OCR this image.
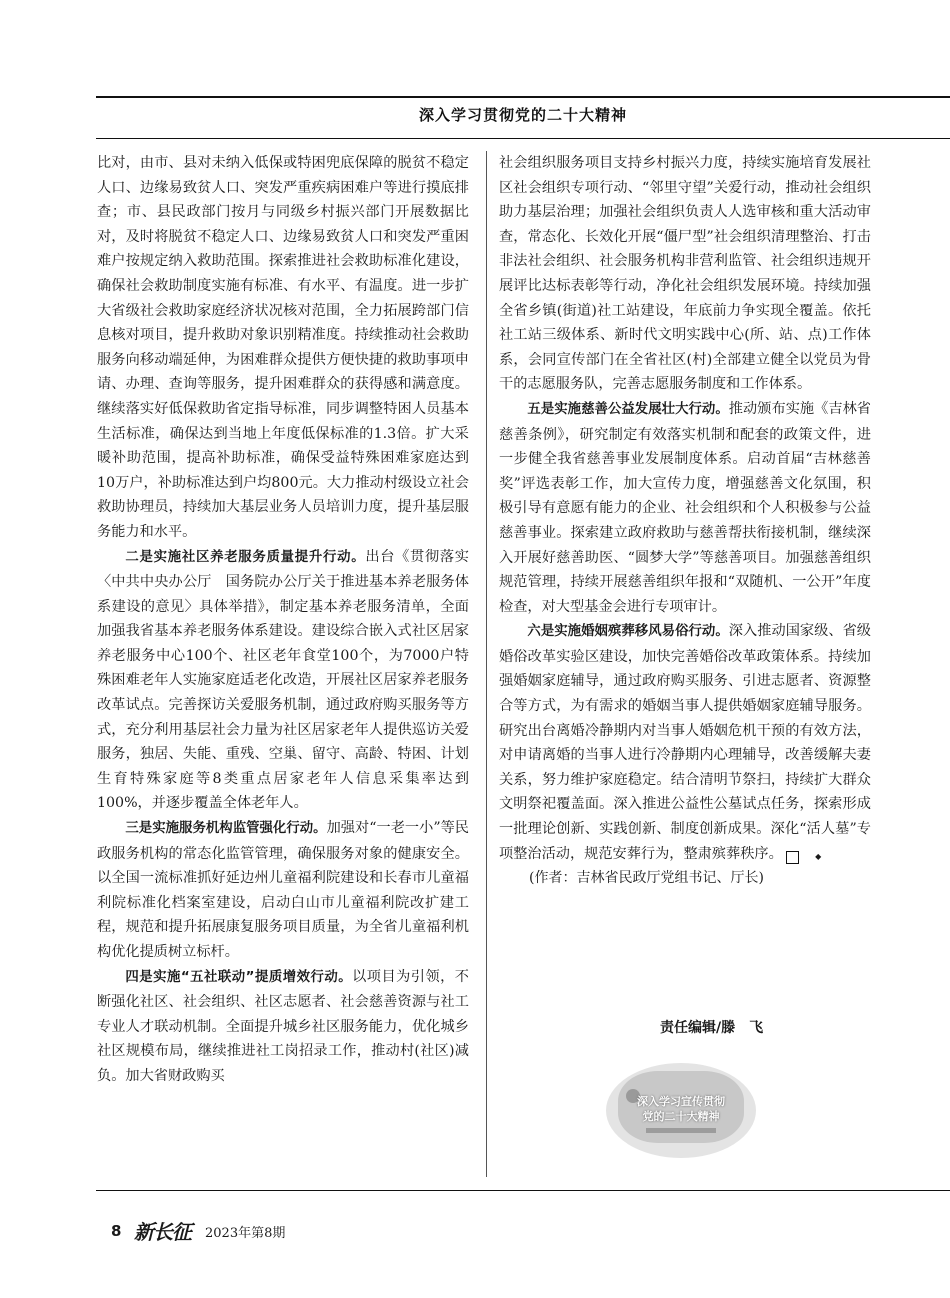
深入学习贯彻党的二十大精神

比对，由市、县对未纳入低保或特困兜底保障的脱贫不稳定人口、边缘易致贫人口、突发严重疾病困难户等进行摸底排查；市、县民政部门按月与同级乡村振兴部门开展数据比对，及时将脱贫不稳定人口、边缘易致贫人口和突发严重困难户按规定纳入救助范围。探索推进社会救助标准化建设，确保社会救助制度实施有标准、有水平、有温度。进一步扩大省级社会救助家庭经济状况核对范围，全力拓展跨部门信息核对项目，提升救助对象识别精准度。持续推动社会救助服务向移动端延伸，为困难群众提供方便快捷的救助事项申请、办理、查询等服务，提升困难群众的获得感和满意度。继续落实好低保救助省定指导标准，同步调整特困人员基本生活标准，确保达到当地上年度低保标准的1.3倍。扩大采暖补助范围，提高补助标准，确保受益特殊困难家庭达到10万户，补助标准达到户均800元。大力推动村级设立社会救助协理员，持续加大基层业务人员培训力度，提升基层服务能力和水平。

二是实施社区养老服务质量提升行动。出台《贯彻落实〈中共中央办公厅　国务院办公厅关于推进基本养老服务体系建设的意见〉具体举措》，制定基本养老服务清单，全面加强我省基本养老服务体系建设。建设综合嵌入式社区居家养老服务中心100个、社区老年食堂100个，为7000户特殊困难老年人实施家庭适老化改造，开展社区居家养老服务改革试点。完善探访关爱服务机制，通过政府购买服务等方式，充分利用基层社会力量为社区居家老年人提供巡访关爱服务，独居、失能、重残、空巢、留守、高龄、特困、计划生育特殊家庭等8类重点居家老年人信息采集率达到100%，并逐步覆盖全体老年人。

三是实施服务机构监管强化行动。加强对“一老一小”等民政服务机构的常态化监管管理，确保服务对象的健康安全。以全国一流标准抓好延边州儿童福利院建设和长春市儿童福利院标准化档案室建设，启动白山市儿童福利院改扩建工程，规范和提升拓展康复服务项目质量，为全省儿童福利机构优化提质树立标杆。

四是实施“五社联动”提质增效行动。以项目为引领，不断强化社区、社会组织、社区志愿者、社会慈善资源与社工专业人才联动机制。全面提升城乡社区服务能力，优化城乡社区规模布局，继续推进社工岗招录工作，推动村(社区)减负。加大省财政购买

社会组织服务项目支持乡村振兴力度，持续实施培育发展社区社会组织专项行动、“邻里守望”关爱行动，推动社会组织助力基层治理；加强社会组织负责人人选审核和重大活动审查，常态化、长效化开展“僵尸型”社会组织清理整治、打击非法社会组织、社会服务机构非营利监管、社会组织违规开展评比达标表彰等行动，净化社会组织发展环境。持续加强全省乡镇(街道)社工站建设，年底前力争实现全覆盖。依托社工站三级体系、新时代文明实践中心(所、站、点)工作体系，会同宣传部门在全省社区(村)全部建立健全以党员为骨干的志愿服务队，完善志愿服务制度和工作体系。

五是实施慈善公益发展壮大行动。推动颁布实施《吉林省慈善条例》，研究制定有效落实机制和配套的政策文件，进一步健全我省慈善事业发展制度体系。启动首届“吉林慈善奖”评选表彰工作，加大宣传力度，增强慈善文化氛围，积极引导有意愿有能力的企业、社会组织和个人积极参与公益慈善事业。探索建立政府救助与慈善帮扶衔接机制，继续深入开展好慈善助医、“圆梦大学”等慈善项目。加强慈善组织规范管理，持续开展慈善组织年报和“双随机、一公开”年度检查，对大型基金会进行专项审计。

六是实施婚姻殡葬移风易俗行动。深入推动国家级、省级婚俗改革实验区建设，加快完善婚俗改革政策体系。持续加强婚姻家庭辅导，通过政府购买服务、引进志愿者、资源整合等方式，为有需求的婚姻当事人提供婚姻家庭辅导服务。研究出台离婚冷静期内对当事人婚姻危机干预的有效方法，对申请离婚的当事人进行冷静期内心理辅导，改善缓解夫妻关系，努力维护家庭稳定。结合清明节祭扫，持续扩大群众文明祭祀覆盖面。深入推进公益性公墓试点任务，探索形成一批理论创新、实践创新、制度创新成果。深化“活人墓”专项整治活动，规范安葬行为，整肃殡葬秩序。	◆

(作者：吉林省民政厅党组书记、厅长)

责任编辑/滕　飞
深入学习宣传贯彻
党的二十大精神
8 新长征 2023年第8期
